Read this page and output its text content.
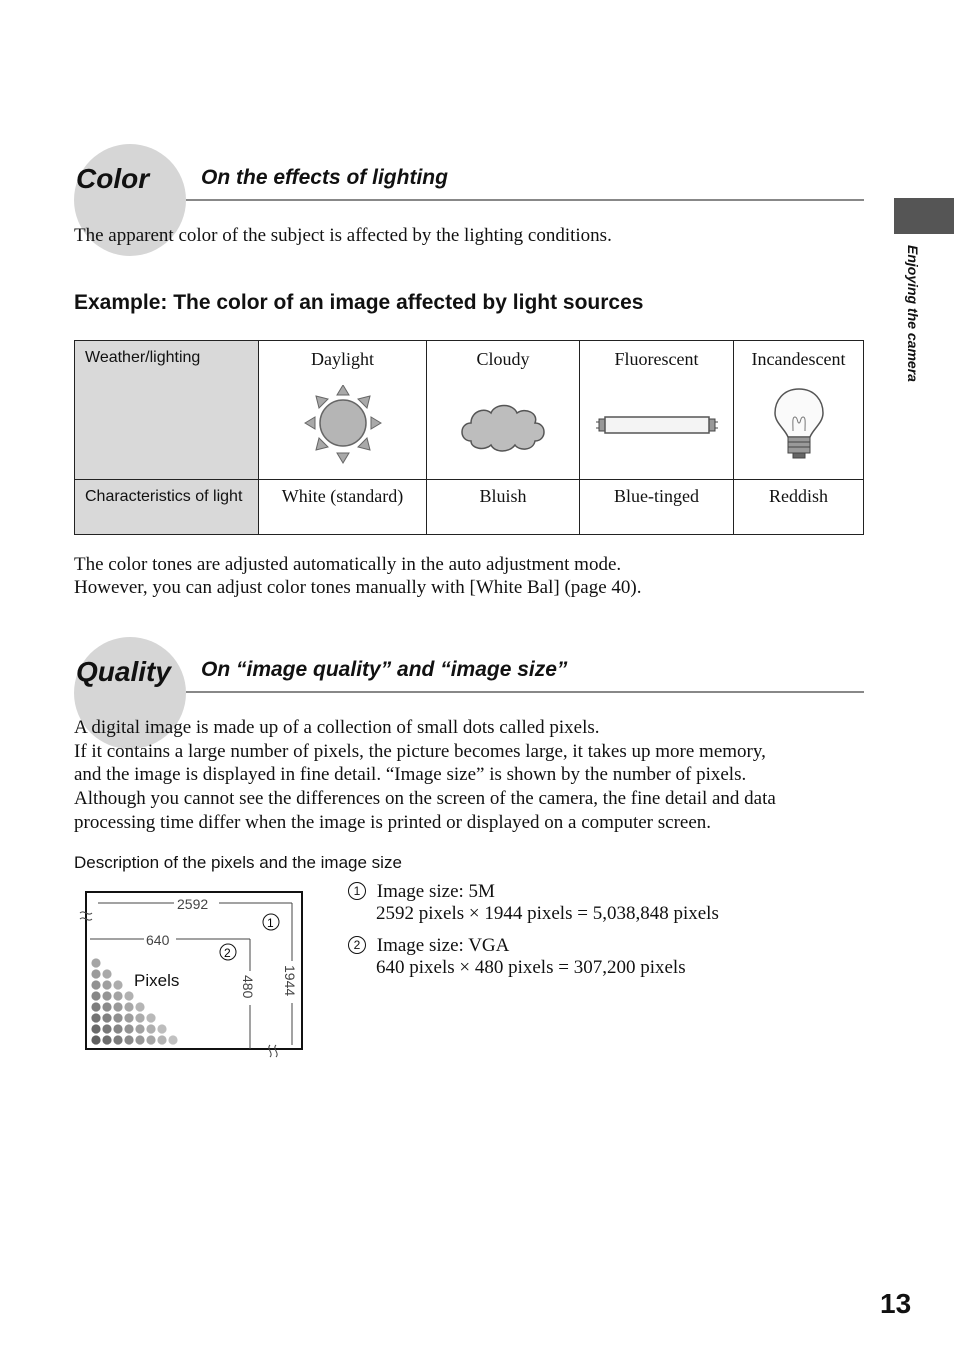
Enjoying the camera
Color On the effects of lighting
The apparent color of the subject is affected by the lighting conditions.
Example: The color of an image affected by light sources
Weather/lighting	Daylight	Cloudy	Fluorescent	Incandescent

Characteristics of light	White (standard)	Bluish	Blue-tinged	Reddish
The color tones are adjusted automatically in the auto adjustment mode.
However, you can adjust color tones manually with [White Bal] (page 40).
Quality On “image quality” and “image size”
A digital image is made up of a collection of small dots called pixels.
If it contains a large number of pixels, the picture becomes large, it takes up more memory,
and the image is displayed in fine detail. “Image size” is shown by the number of pixels.
Although you cannot see the differences on the screen of the camera, the fine detail and data
processing time differ when the image is printed or displayed on a computer screen.
Description of the pixels and the image size
2592
1944
640
480
1
2
Pixels
1 Image size: 5M
2592 pixels × 1944 pixels = 5,038,848 pixels
2 Image size: VGA
640 pixels × 480 pixels = 307,200 pixels
13
